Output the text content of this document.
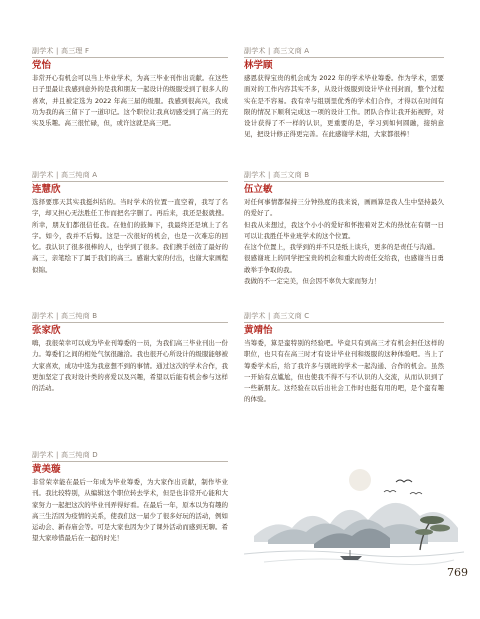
副学术 | 高三理 F
党怡

非常开心有机会可以当上毕业学术，为高三毕业刊作出贡献。在这些日子里最让我感到意外的是我和朋友一起设计的级服受到了很多人的喜欢，并且被定选为 2022 年高三届的级服。我感到很高兴，我成功为我的高三留下了一道印记。这个职位让我真切感受到了高三的充实及乐趣。高三很忙碌，但，或许这就是高三吧。

副学术 | 高三纯商 A
连慧欣

选择要那天其实我挺纠结的。当时学术的位置一直空着，我写了名字，却又担心无法胜任工作而把名字删了。再后来，我还是报就搜。所幸，朋友们都很信任我。在他们的鼓舞下，我最终还是填上了名字。如今，我并不后悔。这是一次很好的机会，也是一次难忘的回忆。我认识了很多很棒的人，也学到了很多。我们携手创造了最好的高三，亲笔绘下了属于我们的高三。感谢大家的付出，也谢大家画程似锦。

副学术 | 高三纯商 B
张家欣

嗨，我很荣幸可以成为毕业刊筹委的一员，为我们高三毕业刊出一份力。筹委们之间的相处气氛很融洽。我也很开心所设计的级服能够被大家喜欢，成功中选为我意想不到的事情。通过这次的学术合作，我更加坚定了我对设计类的喜爱以及兴趣，希望以后能有机会参与这样的活动。

副学术 | 高三纯商 D
黄美璇

非常荣幸能在最后一年成为毕业筹委，为大家作出贡献，制作毕业刊。我比较特别，从编辑这个职位转去学术，但是也非常开心能和大家努力一起把这次的毕业刊弄得好看。在最后一年，原本以为有趣的高三生活因为疫情的关系，使我们这一届少了很多好玩的活动，例如运动会、新春庙会等。可是大家也因为少了课外活动而感到无聊。希望大家珍惜最后在一起的时光！

副学术 | 高三文商 A
林学顾

感恩获得宝贵的机会成为 2022 年的学术毕业筹委。作为学术，需要面对的工作内容其实不多，从设计级服到设计毕业刊封面，整个过程实在是不容易。我有幸与组别里优秀的学术们合作，才得以在时间有限的情况下顺利完成这一项的设计工作。团队合作让我开拓视野，对设计获得了不一样的认识，更重要的是，学习到如何圆融，接纳意见，把设计修正得更完善。在此感谢学术组，大家都很棒！

副学术 | 高三文商 B
伍立敏

对任何事情都保持三分钟热度的我来说，画画算是我人生中坚持最久的爱好了。

但我从来想过，我这个小小的爱好和怀抱着对艺术的热忱在有朝一日可以让我胜任毕业班学术的这个位置。

在这个位置上，我学到的并不只是纸上谈兵，更多的是责任与沟通。

很感谢班上的同学把宝贵的机会和重大的责任交给我，也感谢当日勇敢举手争取的我。

我做的不一定完美，但会因不辜负大家而努力！

副学术 | 高三文商 C
黄靖怡

当筹委，算是蛮特别的经验吧。毕竟只有到高三才有机会担任这样的职位，也只有在高三时才有设计毕业刊和级服的这种体验吧。当上了筹委学术后，给了我许多与别班的学术一起沟通、合作的机会。虽然一开始有点尴尬，但也使我不得不与不认识的人交流，从而认识到了一些新朋友。这经验在以后出社会工作时也挺有用的吧，是个蛮有趣的体验。

769
